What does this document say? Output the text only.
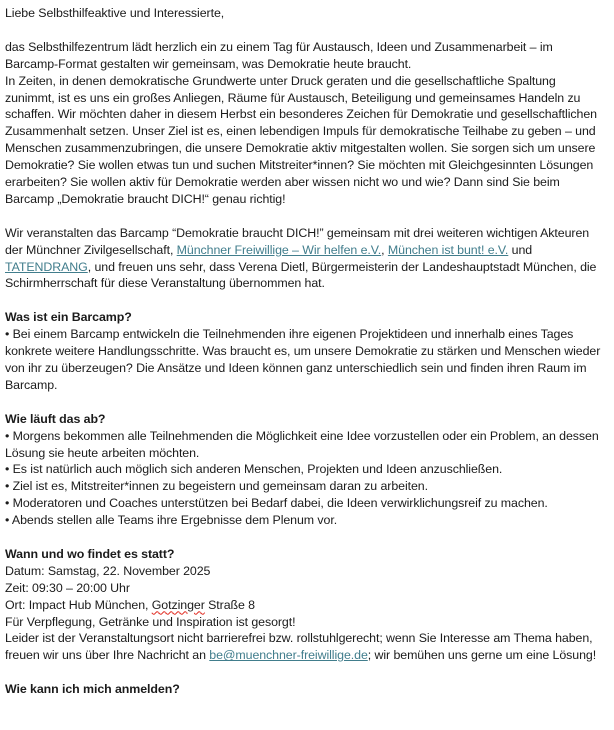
Liebe Selbsthilfeaktive und Interessierte,

das Selbsthilfezentrum lädt herzlich ein zu einem Tag für Austausch, Ideen und Zusammenarbeit – im Barcamp-Format gestalten wir gemeinsam, was Demokratie heute braucht.

In Zeiten, in denen demokratische Grundwerte unter Druck geraten und die gesellschaftliche Spaltung zunimmt, ist es uns ein großes Anliegen, Räume für Austausch, Beteiligung und gemeinsames Handeln zu schaffen. Wir möchten daher in diesem Herbst ein besonderes Zeichen für Demokratie und gesellschaftlichen Zusammenhalt setzen. Unser Ziel ist es, einen lebendigen Impuls für demokratische Teilhabe zu geben – und Menschen zusammenzubringen, die unsere Demokratie aktiv mitgestalten wollen. Sie sorgen sich um unsere Demokratie? Sie wollen etwas tun und suchen Mitstreiter*innen? Sie möchten mit Gleichgesinnten Lösungen erarbeiten? Sie wollen aktiv für Demokratie werden aber wissen nicht wo und wie? Dann sind Sie beim Barcamp „Demokratie braucht DICH!“ genau richtig!

Wir veranstalten das Barcamp “Demokratie braucht DICH!” gemeinsam mit drei weiteren wichtigen Akteuren der Münchner Zivilgesellschaft, Münchner Freiwillige – Wir helfen e.V., München ist bunt! e.V. und TATENDRANG, und freuen uns sehr, dass Verena Dietl, Bürgermeisterin der Landeshauptstadt München, die Schirmherrschaft für diese Veranstaltung übernommen hat.

Was ist ein Barcamp?

• Bei einem Barcamp entwickeln die Teilnehmenden ihre eigenen Projektideen und innerhalb eines Tages konkrete weitere Handlungsschritte. Was braucht es, um unsere Demokratie zu stärken und Menschen wieder von ihr zu überzeugen? Die Ansätze und Ideen können ganz unterschiedlich sein und finden ihren Raum im Barcamp.

Wie läuft das ab?

• Morgens bekommen alle Teilnehmenden die Möglichkeit eine Idee vorzustellen oder ein Problem, an dessen Lösung sie heute arbeiten möchten.

• Es ist natürlich auch möglich sich anderen Menschen, Projekten und Ideen anzuschließen.

• Ziel ist es, Mitstreiter*innen zu begeistern und gemeinsam daran zu arbeiten.

• Moderatoren und Coaches unterstützen bei Bedarf dabei, die Ideen verwirklichungsreif zu machen.

• Abends stellen alle Teams ihre Ergebnisse dem Plenum vor.

Wann und wo findet es statt?

Datum: Samstag, 22. November 2025

Zeit: 09:30 – 20:00 Uhr

Ort: Impact Hub München, Gotzinger Straße 8

Für Verpflegung, Getränke und Inspiration ist gesorgt!

Leider ist der Veranstaltungsort nicht barrierefrei bzw. rollstuhlgerecht; wenn Sie Interesse am Thema haben, freuen wir uns über Ihre Nachricht an be@muenchner-freiwillige.de; wir bemühen uns gerne um eine Lösung!

Wie kann ich mich anmelden?
